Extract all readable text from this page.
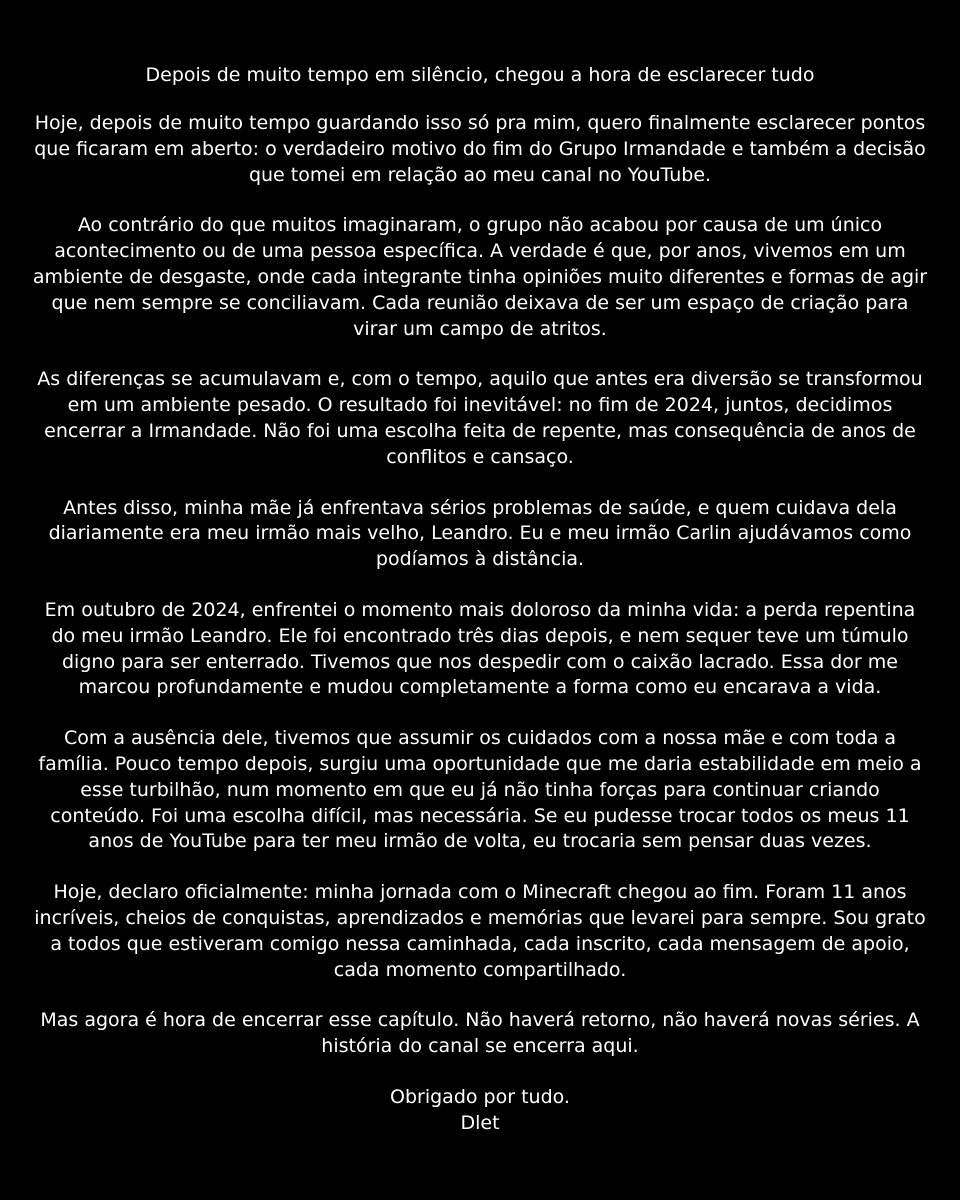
Depois de muito tempo em silêncio, chegou a hora de esclarecer tudo
Hoje, depois de muito tempo guardando isso só pra mim, quero finalmente esclarecer pontos que ficaram em aberto: o verdadeiro motivo do fim do Grupo Irmandade e também a decisão que tomei em relação ao meu canal no YouTube.
Ao contrário do que muitos imaginaram, o grupo não acabou por causa de um único acontecimento ou de uma pessoa específica. A verdade é que, por anos, vivemos em um ambiente de desgaste, onde cada integrante tinha opiniões muito diferentes e formas de agir que nem sempre se conciliavam. Cada reunião deixava de ser um espaço de criação para virar um campo de atritos.
As diferenças se acumulavam e, com o tempo, aquilo que antes era diversão se transformou em um ambiente pesado. O resultado foi inevitável: no fim de 2024, juntos, decidimos encerrar a Irmandade. Não foi uma escolha feita de repente, mas consequência de anos de conflitos e cansaço.
Antes disso, minha mãe já enfrentava sérios problemas de saúde, e quem cuidava dela diariamente era meu irmão mais velho, Leandro. Eu e meu irmão Carlin ajudávamos como podíamos à distância.
Em outubro de 2024, enfrentei o momento mais doloroso da minha vida: a perda repentina do meu irmão Leandro. Ele foi encontrado três dias depois, e nem sequer teve um túmulo digno para ser enterrado. Tivemos que nos despedir com o caixão lacrado. Essa dor me marcou profundamente e mudou completamente a forma como eu encarava a vida.
Com a ausência dele, tivemos que assumir os cuidados com a nossa mãe e com toda a família. Pouco tempo depois, surgiu uma oportunidade que me daria estabilidade em meio a esse turbilhão, num momento em que eu já não tinha forças para continuar criando conteúdo. Foi uma escolha difícil, mas necessária. Se eu pudesse trocar todos os meus 11 anos de YouTube para ter meu irmão de volta, eu trocaria sem pensar duas vezes.
Hoje, declaro oficialmente: minha jornada com o Minecraft chegou ao fim. Foram 11 anos incríveis, cheios de conquistas, aprendizados e memórias que levarei para sempre. Sou grato a todos que estiveram comigo nessa caminhada, cada inscrito, cada mensagem de apoio, cada momento compartilhado.
Mas agora é hora de encerrar esse capítulo. Não haverá retorno, não haverá novas séries. A história do canal se encerra aqui.
Obrigado por tudo.
Dlet
